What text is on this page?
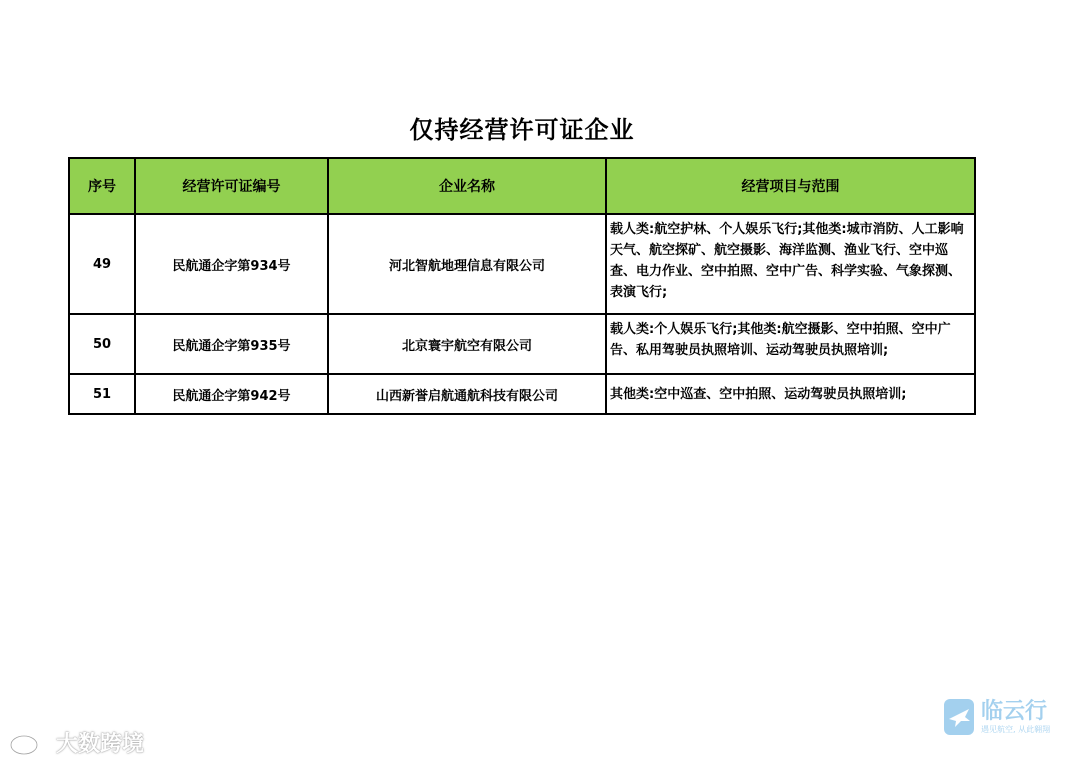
仅持经营许可证企业
序号	经营许可证编号	企业名称	经营项目与范围
49	民航通企字第934号	河北智航地理信息有限公司	载人类:航空护林、个人娱乐飞行;其他类:城市消防、人工影响天气、航空探矿、航空摄影、海洋监测、渔业飞行、空中巡查、电力作业、空中拍照、空中广告、科学实验、气象探测、表演飞行;
50	民航通企字第935号	北京寰宇航空有限公司	载人类:个人娱乐飞行;其他类:航空摄影、空中拍照、空中广告、私用驾驶员执照培训、运动驾驶员执照培训;
51	民航通企字第942号	山西新誉启航通航科技有限公司	其他类:空中巡查、空中拍照、运动驾驶员执照培训;
大数跨境
临云行
遇见航空, 从此翱翔
